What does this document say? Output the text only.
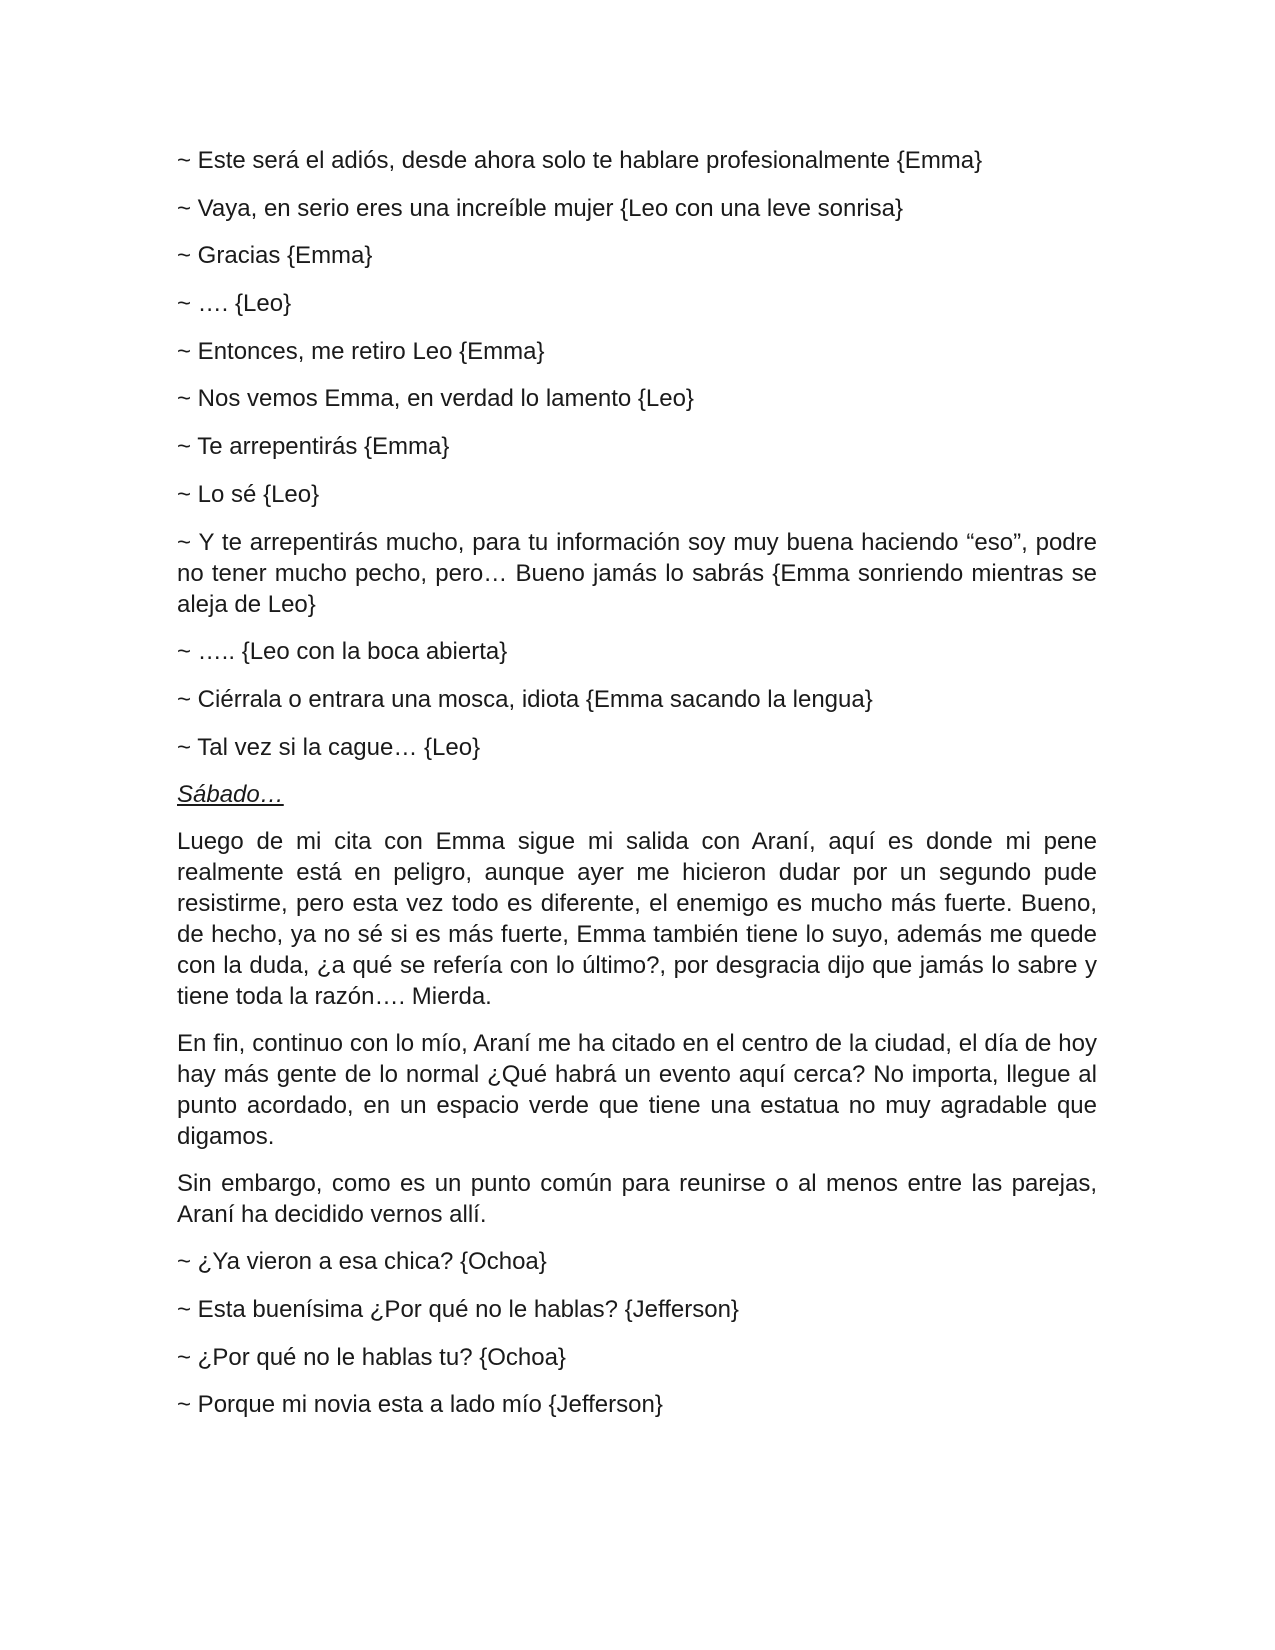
~ Este será el adiós, desde ahora solo te hablare profesionalmente {Emma}

~ Vaya, en serio eres una increíble mujer {Leo con una leve sonrisa}

~ Gracias {Emma}

~ …. {Leo}

~ Entonces, me retiro Leo {Emma}

~ Nos vemos Emma, en verdad lo lamento {Leo}

~ Te arrepentirás {Emma}

~ Lo sé {Leo}

~ Y te arrepentirás mucho, para tu información soy muy buena haciendo “eso”, podre no tener mucho pecho, pero… Bueno jamás lo sabrás {Emma sonriendo mientras se aleja de Leo}

~ ….. {Leo con la boca abierta}

~ Ciérrala o entrara una mosca, idiota {Emma sacando la lengua}

~ Tal vez si la cague… {Leo}

Sábado…

Luego de mi cita con Emma sigue mi salida con Araní, aquí es donde mi pene realmente está en peligro, aunque ayer me hicieron dudar por un segundo pude resistirme, pero esta vez todo es diferente, el enemigo es mucho más fuerte. Bueno, de hecho, ya no sé si es más fuerte, Emma también tiene lo suyo, además me quede con la duda, ¿a qué se refería con lo último?, por desgracia dijo que jamás lo sabre y tiene toda la razón…. Mierda.

En fin, continuo con lo mío, Araní me ha citado en el centro de la ciudad, el día de hoy hay más gente de lo normal ¿Qué habrá un evento aquí cerca? No importa, llegue al punto acordado, en un espacio verde que tiene una estatua no muy agradable que digamos.

Sin embargo, como es un punto común para reunirse o al menos entre las parejas, Araní ha decidido vernos allí.

~ ¿Ya vieron a esa chica? {Ochoa}

~ Esta buenísima ¿Por qué no le hablas? {Jefferson}

~ ¿Por qué no le hablas tu? {Ochoa}

~ Porque mi novia esta a lado mío {Jefferson}
